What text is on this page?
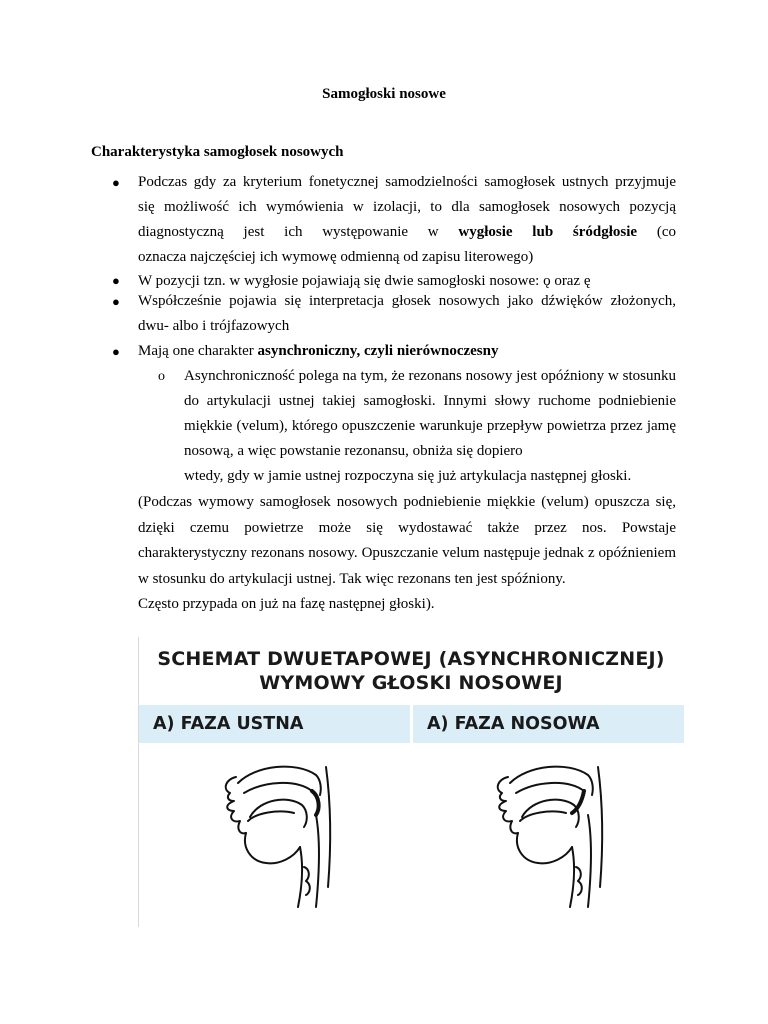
Samogłoski nosowe
Charakterystyka samogłosek nosowych
● Podczas gdy za kryterium fonetycznej samodzielności samogłosek ustnych przyjmuje
się możliwość ich wymówienia w izolacji, to dla samogłosek nosowych pozycją
diagnostyczną jest ich występowanie w wygłosie lub śródgłosie (co
oznacza najczęściej ich wymowę odmienną od zapisu literowego)
● W pozycji tzn. w wygłosie pojawiają się dwie samogłoski nosowe: ǫ oraz ę
● Współcześnie pojawia się interpretacja głosek nosowych jako dźwięków złożonych,
dwu- albo i trójfazowych
● Mają one charakter asynchroniczny, czyli nierównoczesny
o Asynchroniczność polega na tym, że rezonans nosowy jest opóźniony w stosunku do artykulacji ustnej takiej samogłoski. Innymi słowy ruchome podniebienie miękkie (velum), którego opuszczenie warunkuje przepływ powietrza przez jamę nosową, a więc powstanie rezonansu, obniża się dopiero
wtedy, gdy w jamie ustnej rozpoczyna się już artykulacja następnej głoski.
(Podczas wymowy samogłosek nosowych podniebienie miękkie (velum) opuszcza się, dzięki czemu powietrze może się wydostawać także przez nos. Powstaje charakterystyczny rezonans nosowy. Opuszczanie velum następuje jednak z opóźnieniem w stosunku do artykulacji ustnej. Tak więc rezonans ten jest spóźniony.
Często przypada on już na fazę następnej głoski).
SCHEMAT DWUETAPOWEJ (ASYNCHRONICZNEJ)
WYMOWY GŁOSKI NOSOWEJ
A) FAZA USTNA	A) FAZA NOSOWA
